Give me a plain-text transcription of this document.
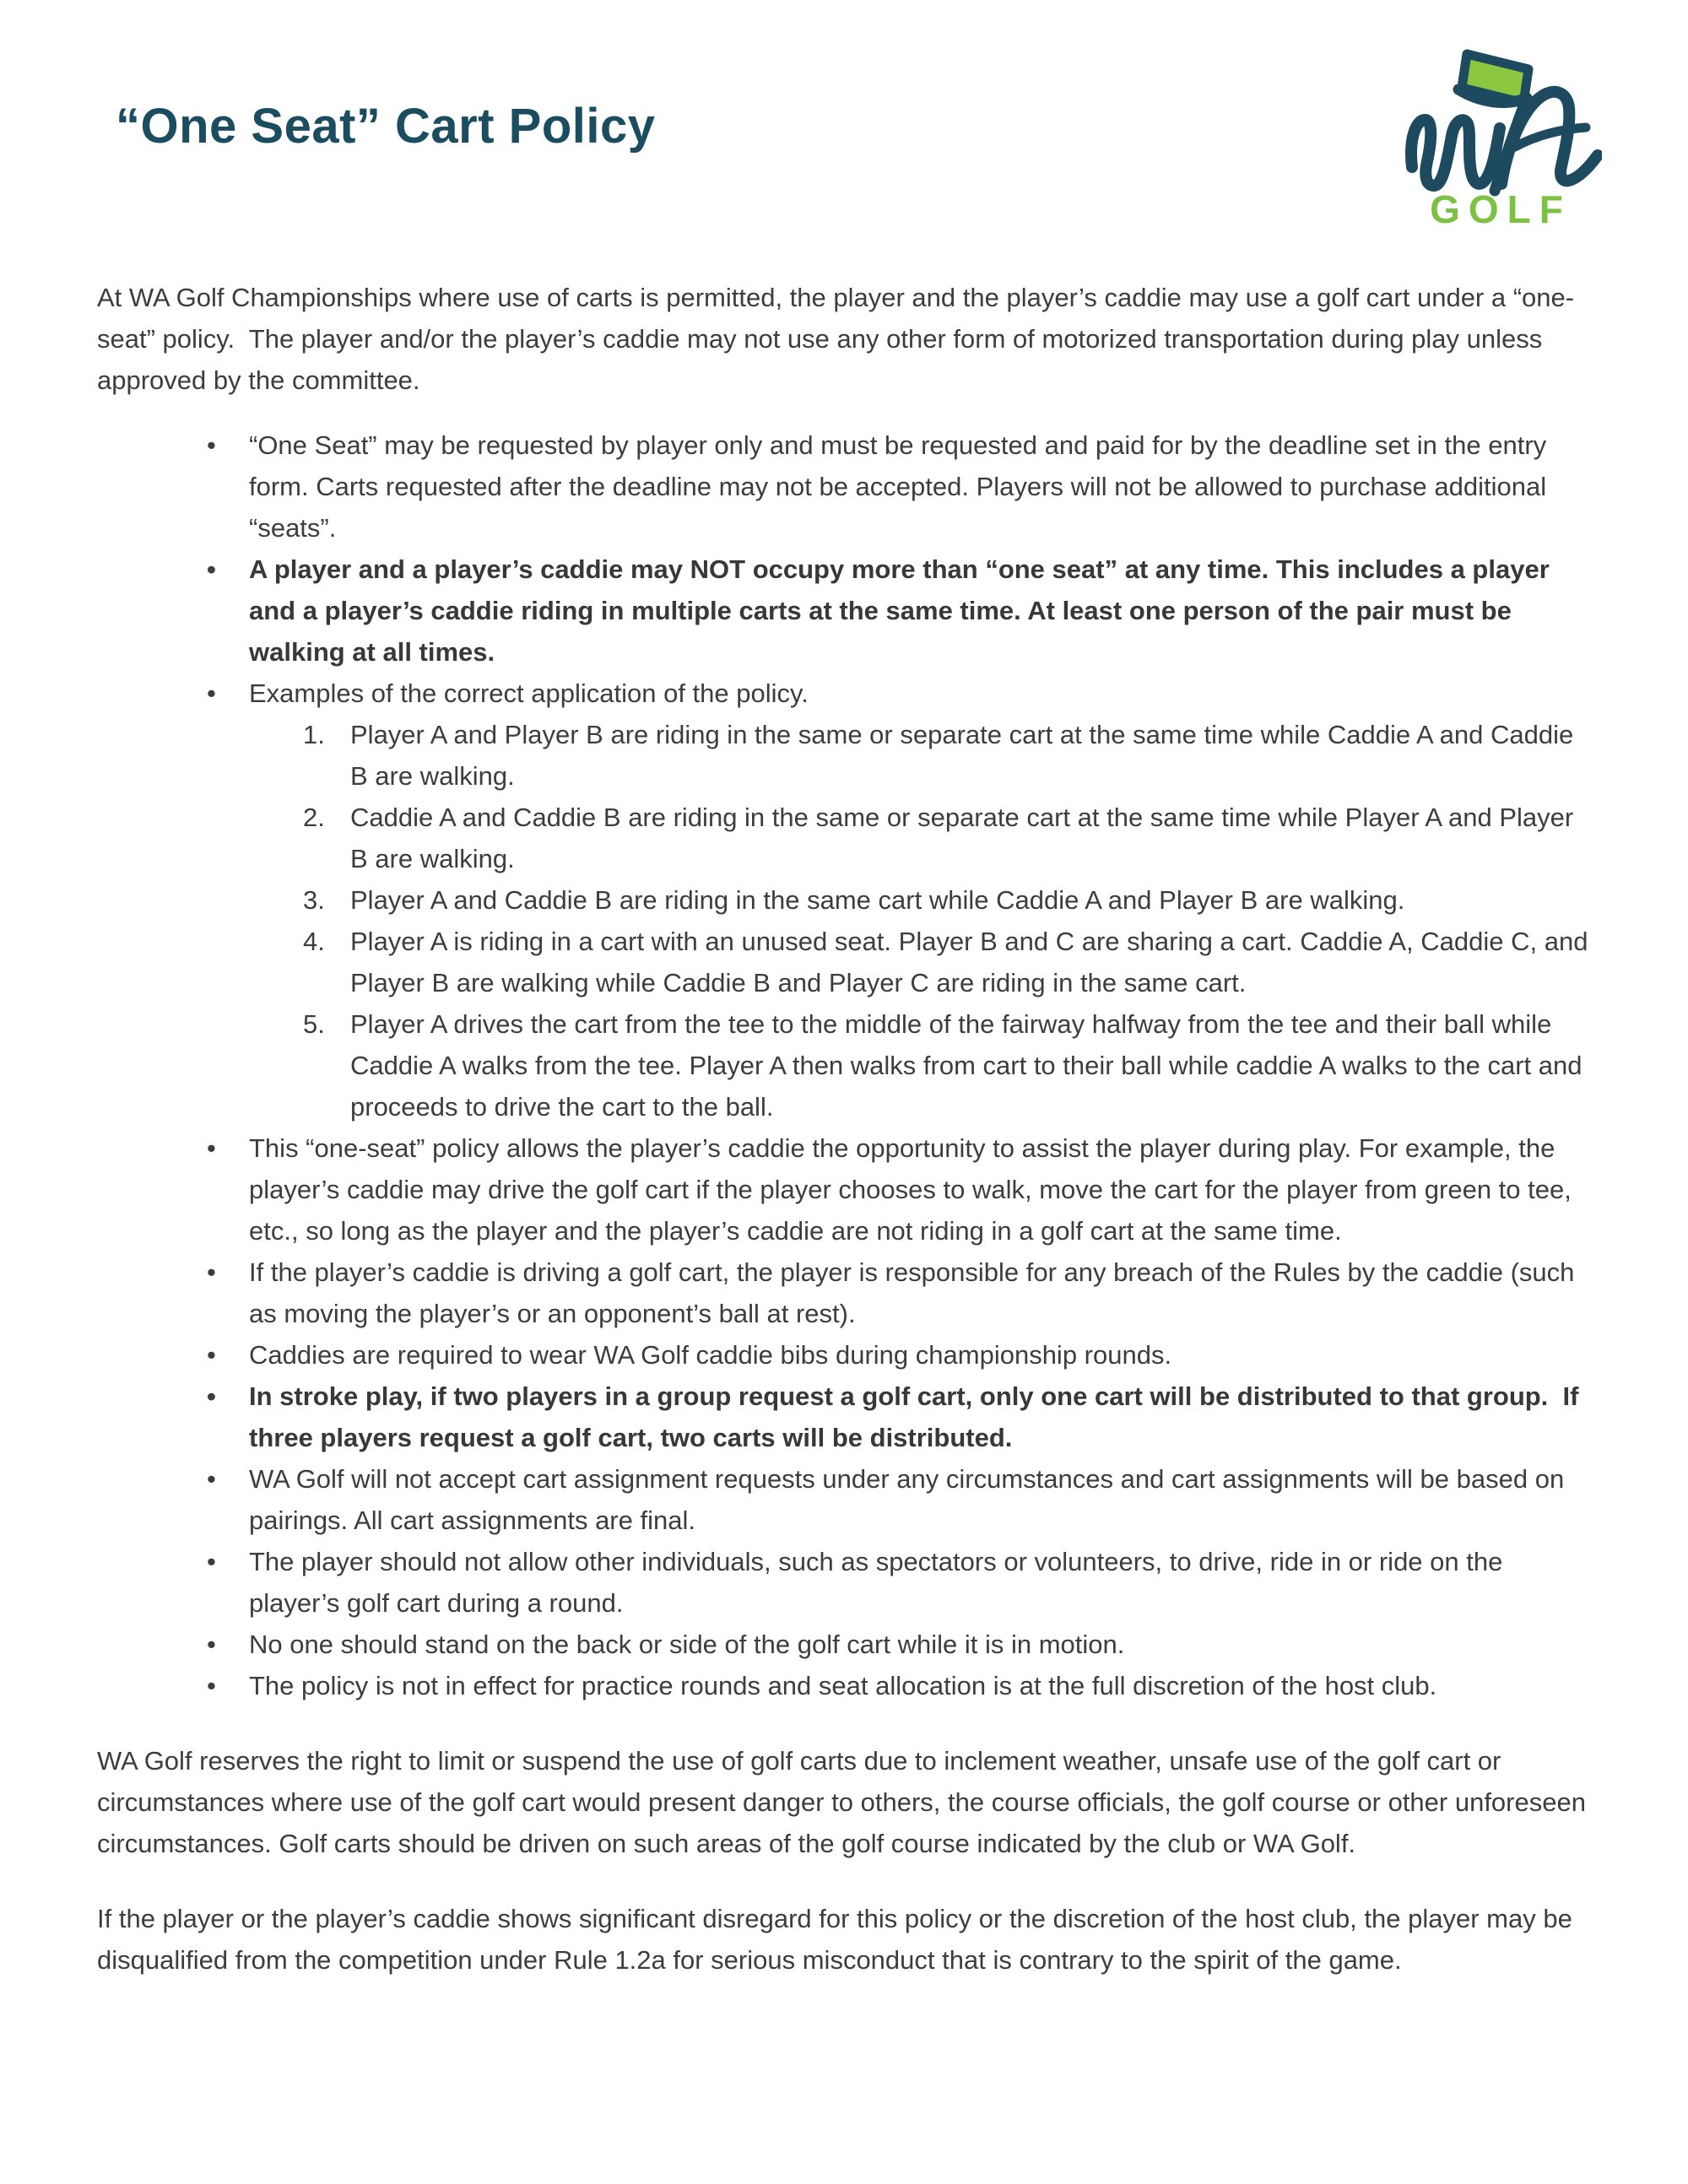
GOLF
“One Seat” Cart Policy

At WA Golf Championships where use of carts is permitted, the player and the player’s caddie may use a golf cart under a “one-seat” policy.  The player and/or the player’s caddie may not use any other form of motorized transportation during play unless approved by the committee.

• “One Seat” may be requested by player only and must be requested and paid for by the deadline set in the entry form. Carts requested after the deadline may not be accepted. Players will not be allowed to purchase additional “seats”.
• A player and a player’s caddie may NOT occupy more than “one seat” at any time. This includes a player and a player’s caddie riding in multiple carts at the same time. At least one person of the pair must be walking at all times.
• Examples of the correct application of the policy.
1. Player A and Player B are riding in the same or separate cart at the same time while Caddie A and Caddie B are walking.
2. Caddie A and Caddie B are riding in the same or separate cart at the same time while Player A and Player B are walking.
3. Player A and Caddie B are riding in the same cart while Caddie A and Player B are walking.
4. Player A is riding in a cart with an unused seat. Player B and C are sharing a cart. Caddie A, Caddie C, and Player B are walking while Caddie B and Player C are riding in the same cart.
5. Player A drives the cart from the tee to the middle of the fairway halfway from the tee and their ball while Caddie A walks from the tee. Player A then walks from cart to their ball while caddie A walks to the cart and proceeds to drive the cart to the ball.
• This “one-seat” policy allows the player’s caddie the opportunity to assist the player during play. For example, the player’s caddie may drive the golf cart if the player chooses to walk, move the cart for the player from green to tee, etc., so long as the player and the player’s caddie are not riding in a golf cart at the same time.
• If the player’s caddie is driving a golf cart, the player is responsible for any breach of the Rules by the caddie (such as moving the player’s or an opponent’s ball at rest).
• Caddies are required to wear WA Golf caddie bibs during championship rounds.
• In stroke play, if two players in a group request a golf cart, only one cart will be distributed to that group.  If three players request a golf cart, two carts will be distributed.
• WA Golf will not accept cart assignment requests under any circumstances and cart assignments will be based on pairings. All cart assignments are final.
• The player should not allow other individuals, such as spectators or volunteers, to drive, ride in or ride on the player’s golf cart during a round.
• No one should stand on the back or side of the golf cart while it is in motion.
• The policy is not in effect for practice rounds and seat allocation is at the full discretion of the host club.

WA Golf reserves the right to limit or suspend the use of golf carts due to inclement weather, unsafe use of the golf cart or circumstances where use of the golf cart would present danger to others, the course officials, the golf course or other unforeseen circumstances. Golf carts should be driven on such areas of the golf course indicated by the club or WA Golf.

If the player or the player’s caddie shows significant disregard for this policy or the discretion of the host club, the player may be disqualified from the competition under Rule 1.2a for serious misconduct that is contrary to the spirit of the game.
